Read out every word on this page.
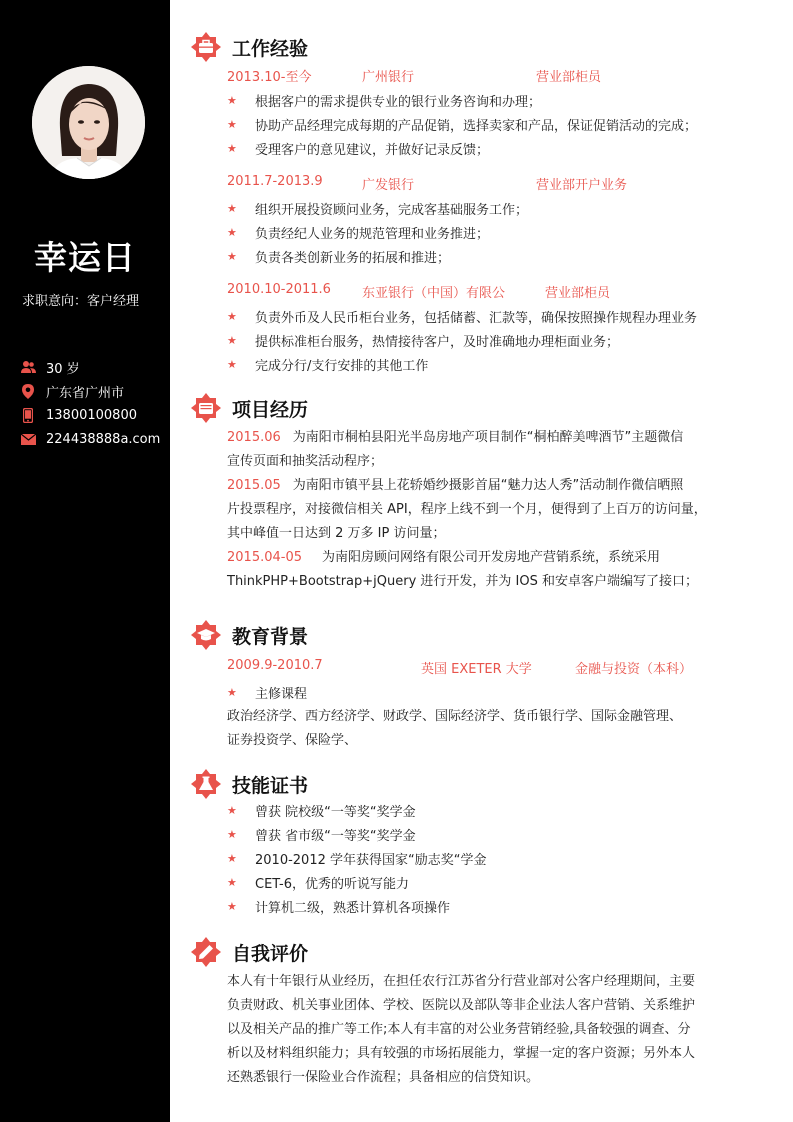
幸运日
求职意向：客户经理
30 岁
广东省广州市
13800100800
224438888a.com
工作经验
2013.10-至今	广州银行	营业部柜员
★	根据客户的需求提供专业的银行业务咨询和办理；
★	协助产品经理完成每期的产品促销，选择卖家和产品，保证促销活动的完成；
★	受理客户的意见建议，并做好记录反馈；
2011.7-2013.9	广发银行	营业部开户业务
★	组织开展投资顾问业务，完成客基础服务工作；
★	负责经纪人业务的规范管理和业务推进；
★	负责各类创新业务的拓展和推进；
2010.10-2011.6 东亚银行（中国）有限公	营业部柜员
★	负责外币及人民币柜台业务，包括储蓄、汇款等，确保按照操作规程办理业务
★	提供标准柜台服务，热情接待客户，及时准确地办理柜面业务；
★	完成分行/支行安排的其他工作
项目经历
2015.06 为南阳市桐柏县阳光半岛房地产项目制作“桐柏醉美啤酒节”主题微信
宣传页面和抽奖活动程序；
2015.05 为南阳市镇平县上花轿婚纱摄影首届“魅力达人秀”活动制作微信晒照
片投票程序，对接微信相关 API，程序上线不到一个月，便得到了上百万的访问量，
其中峰值一日达到 2 万多 IP 访问量；
2015.04-05 为南阳房顾问网络有限公司开发房地产营销系统，系统采用
ThinkPHP+Bootstrap+jQuery 进行开发，并为 IOS 和安卓客户端编写了接口；
教育背景
2009.9-2010.7	英国 EXETER 大学	金融与投资（本科）
★	主修课程
政治经济学、西方经济学、财政学、国际经济学、货币银行学、国际金融管理、
证券投资学、保险学、
技能证书
★	曾获 院校级“一等奖“奖学金
★	曾获 省市级“一等奖“奖学金
★	2010-2012 学年获得国家“励志奖“学金
★	CET-6，优秀的听说写能力
★	计算机二级，熟悉计算机各项操作
自我评价
本人有十年银行从业经历，在担任农行江苏省分行营业部对公客户经理期间，主要
负责财政、机关事业团体、学校、医院以及部队等非企业法人客户营销、关系维护
以及相关产品的推广等工作;本人有丰富的对公业务营销经验,具备较强的调查、分
析以及材料组织能力；具有较强的市场拓展能力，掌握一定的客户资源；另外本人
还熟悉银行一保险业合作流程；具备相应的信贷知识。
